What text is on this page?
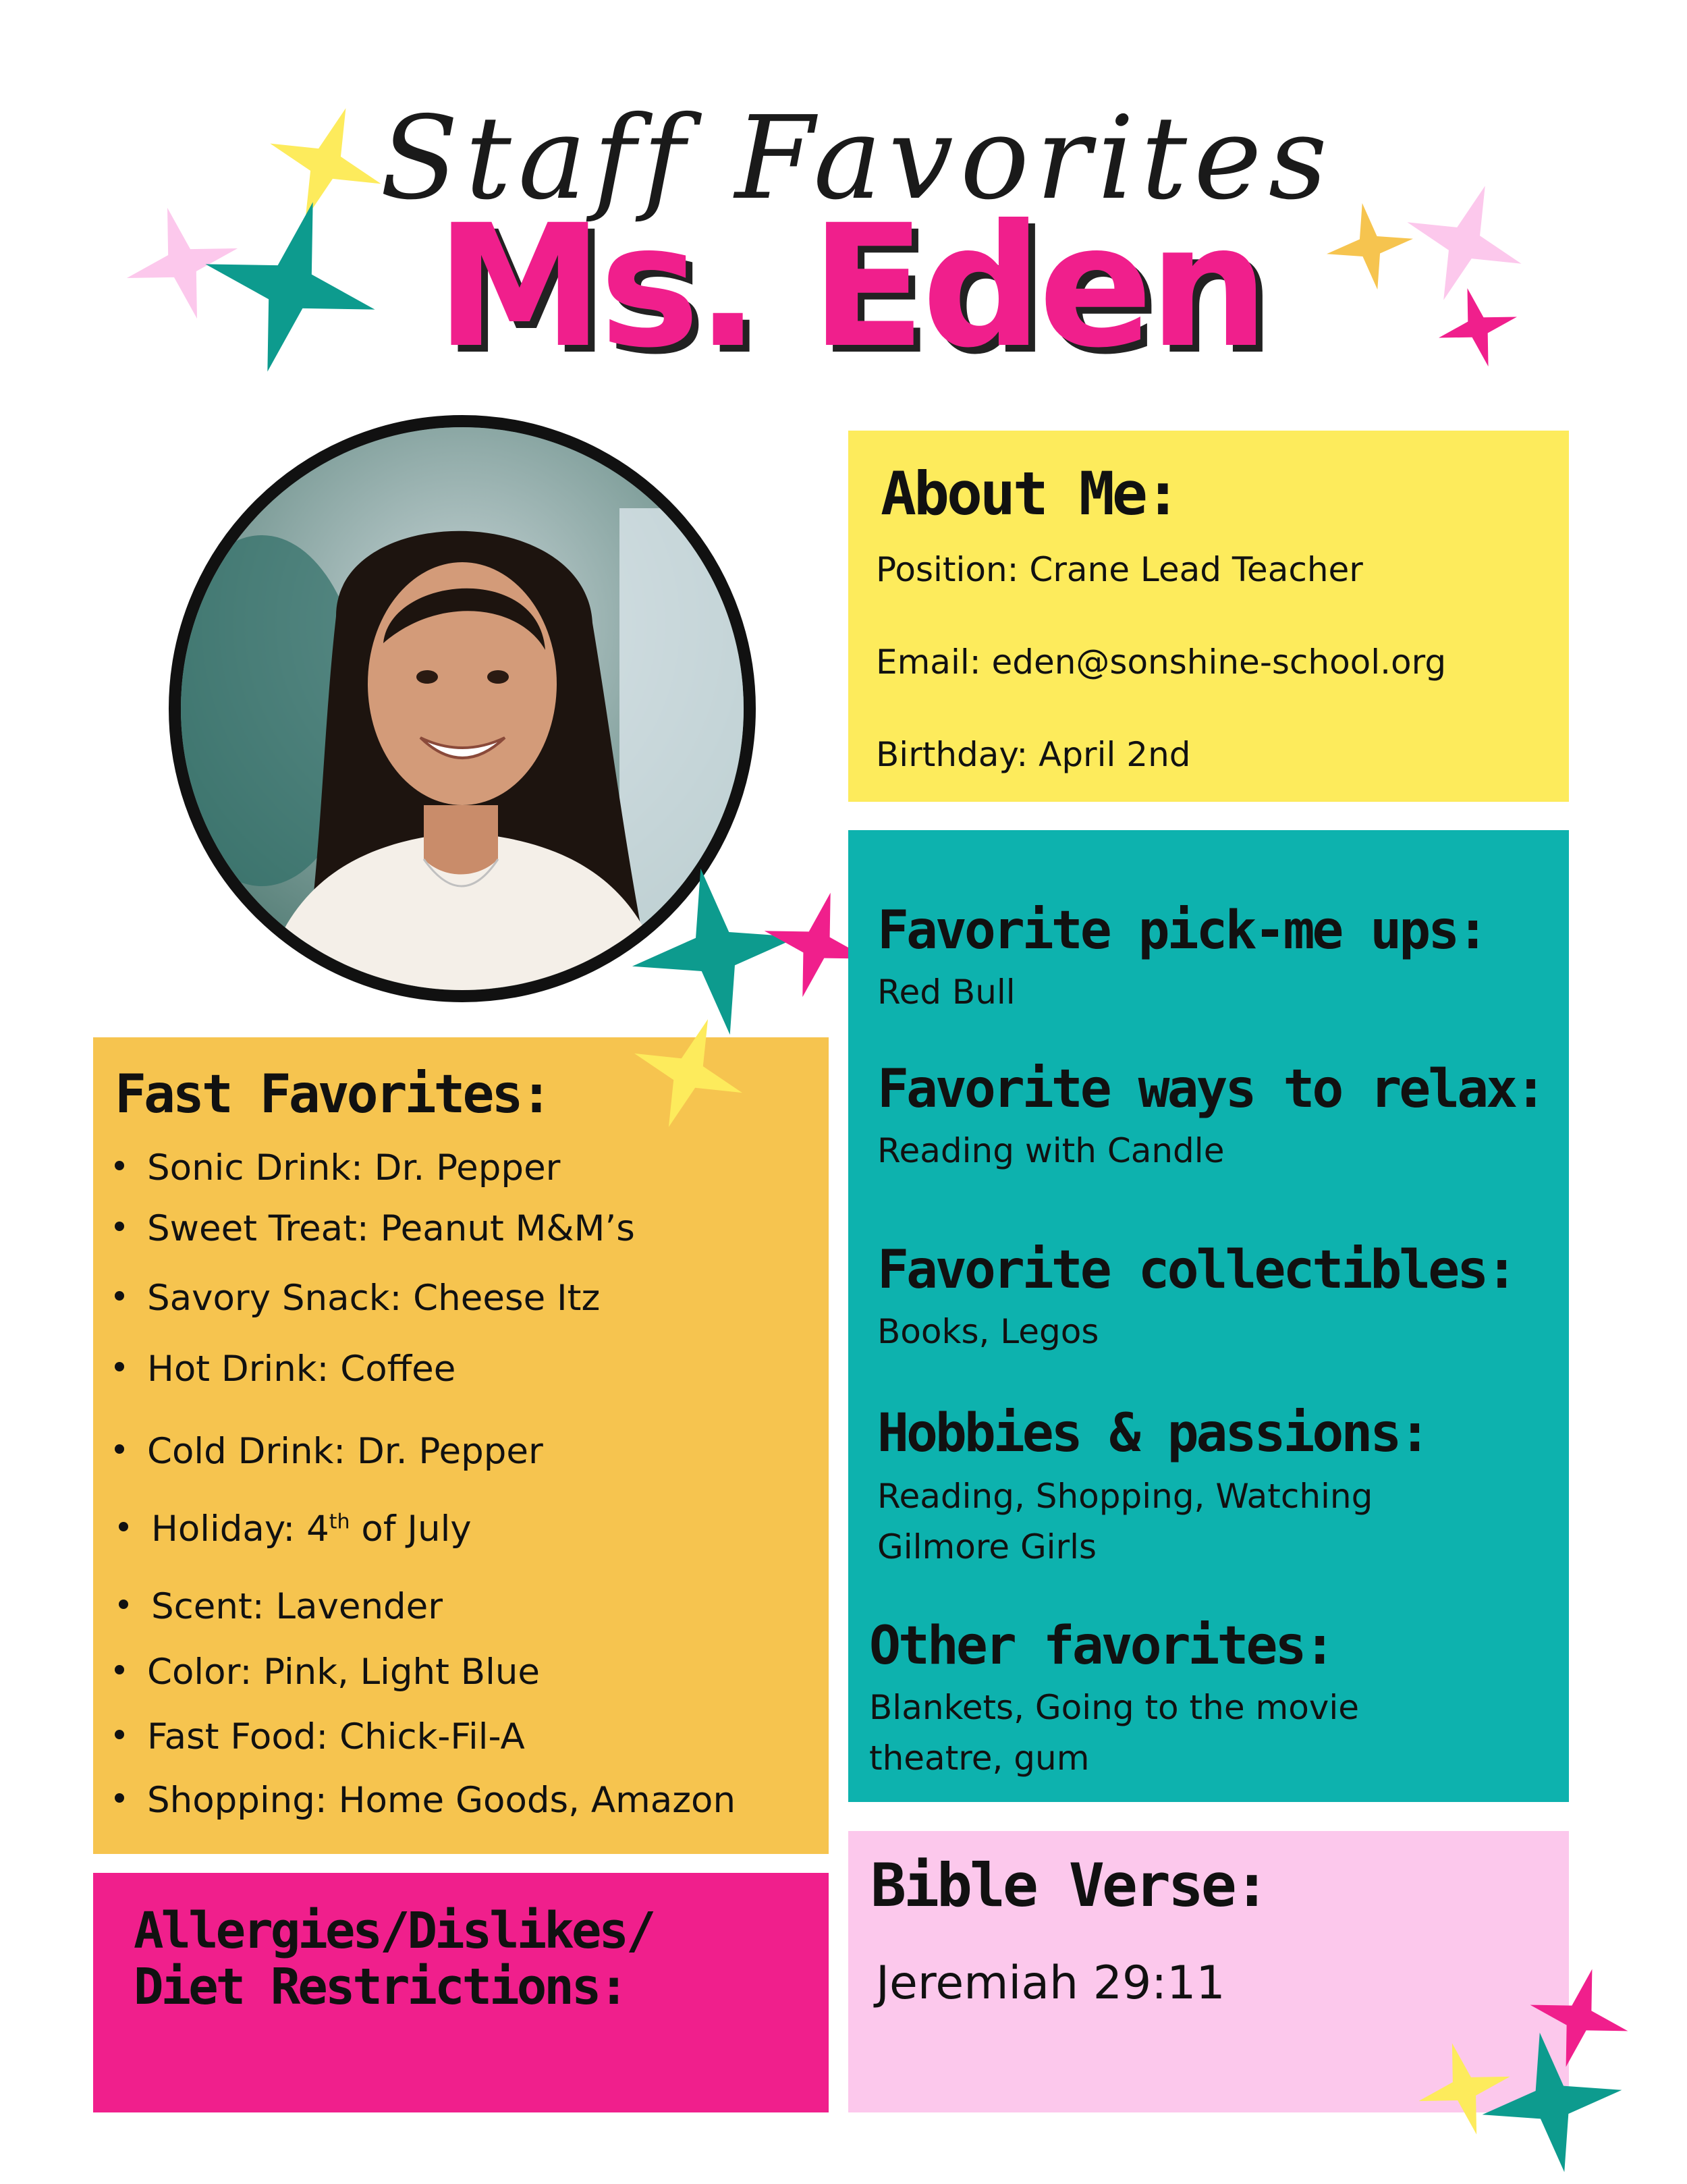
Staff Favorites
Ms. Eden
About Me:
Position: Crane Lead Teacher
Email: eden@sonshine-school.org
Birthday: April 2nd
Favorite pick-me ups:
Red Bull
Favorite ways to relax:
Reading with Candle
Favorite collectibles:
Books, Legos
Hobbies & passions:
Reading, Shopping, Watching
Gilmore Girls
Other favorites:
Blankets, Going to the movie
theatre, gum
Fast Favorites:
Sonic Drink: Dr. Pepper
Sweet Treat: Peanut M&M’s
Savory Snack: Cheese Itz
Hot Drink: Coffee
Cold Drink: Dr. Pepper
Holiday: 4th of July
Scent: Lavender
Color: Pink, Light Blue
Fast Food: Chick-Fil-A
Shopping: Home Goods, Amazon
Allergies/Dislikes/
Diet Restrictions:
Bible Verse:
Jeremiah 29:11
